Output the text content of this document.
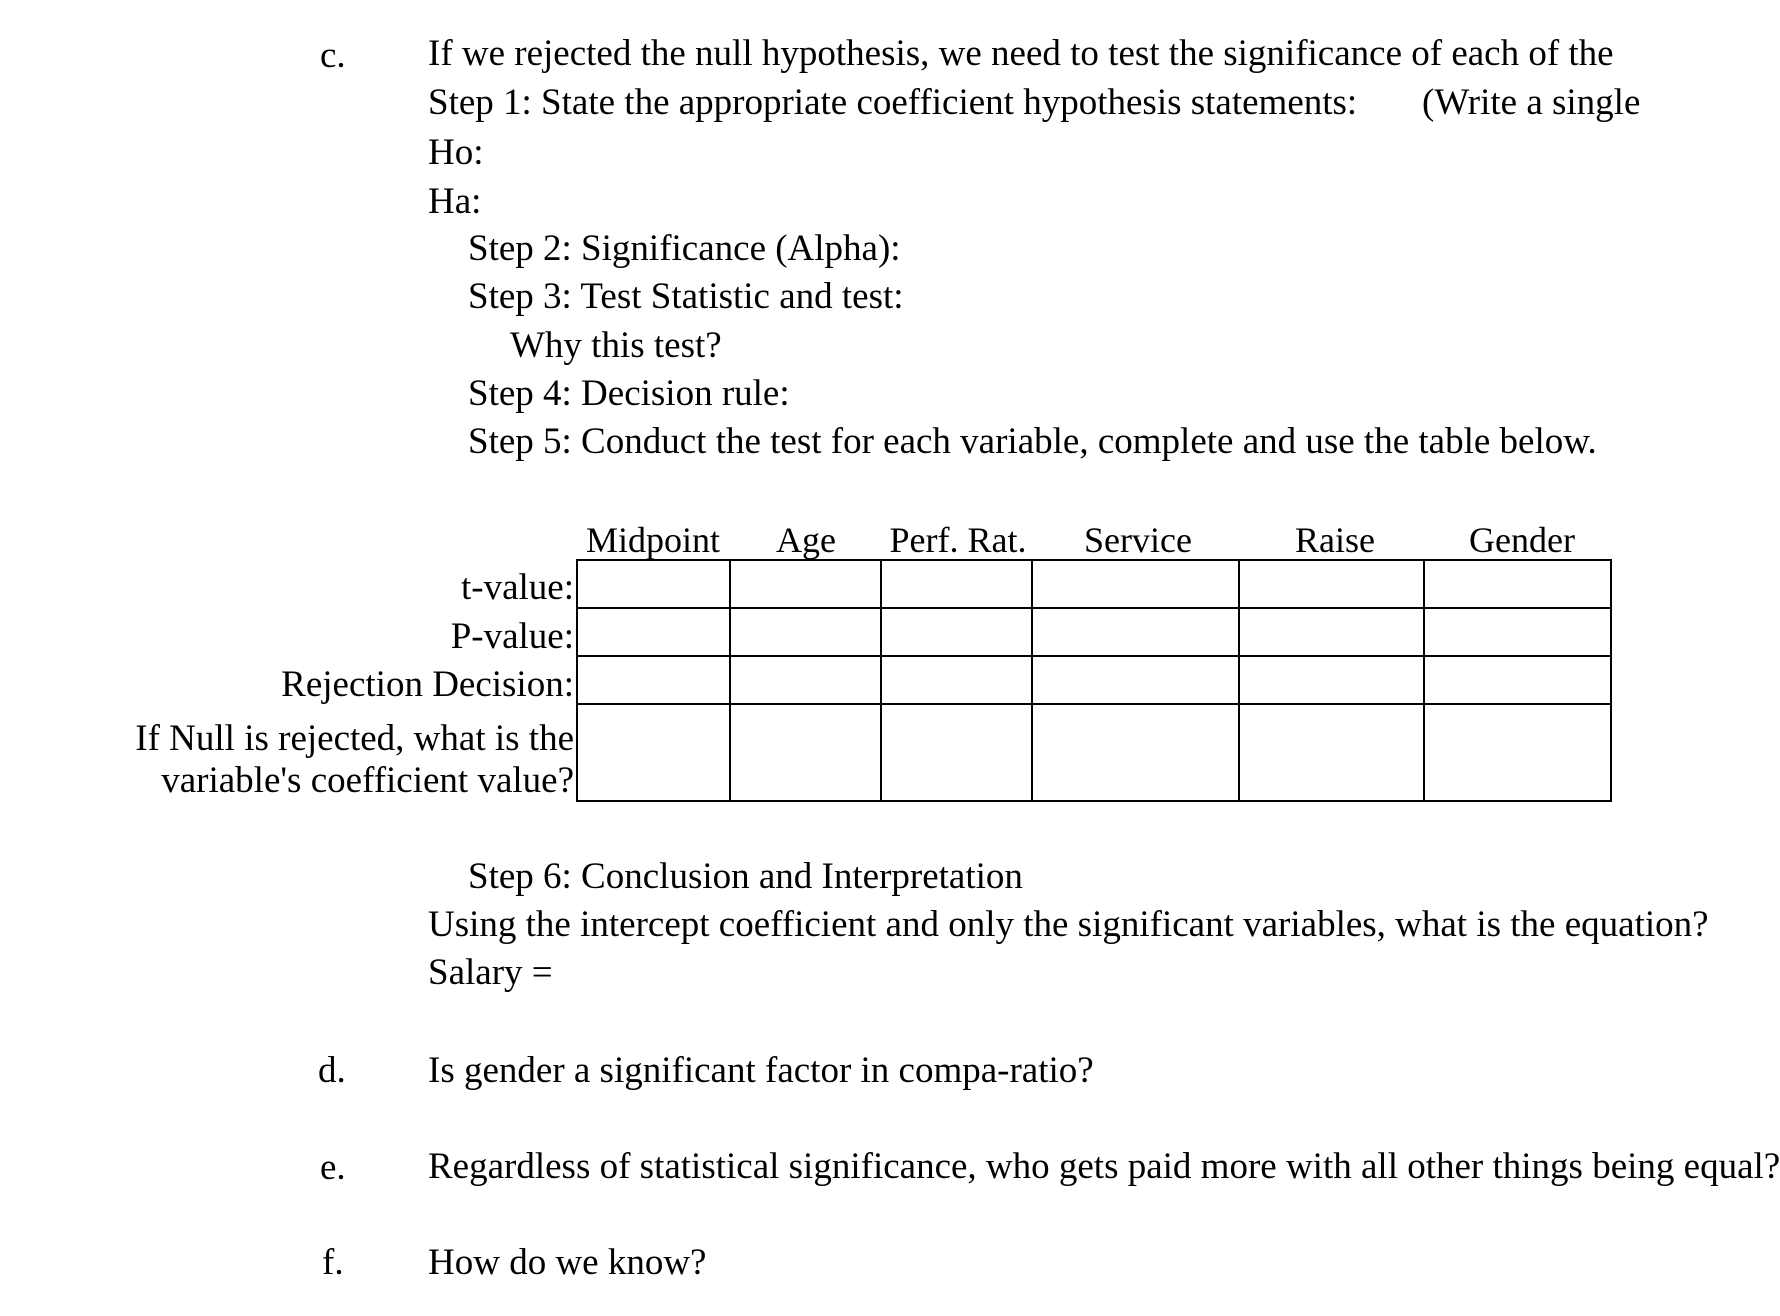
c. If we rejected the null hypothesis, we need to test the significance of each of the
Step 1: State the appropriate coefficient hypothesis statements: (Write a single
Ho:
Ha:
Step 2: Significance (Alpha):
Step 3: Test Statistic and test:
Why this test?
Step 4: Decision rule:
Step 5: Conduct the test for each variable, complete and use the table below.
Midpoint	Age	Perf. Rat.	Service	Raise	Gender
t-value:
P-value:
Rejection Decision:
If Null is rejected, what is the
variable's coefficient value?

Step 6: Conclusion and Interpretation
Using the intercept coefficient and only the significant variables, what is the equation?
Salary =
d. Is gender a significant factor in compa-ratio?
e. Regardless of statistical significance, who gets paid more with all other things being equal?
f. How do we know?
